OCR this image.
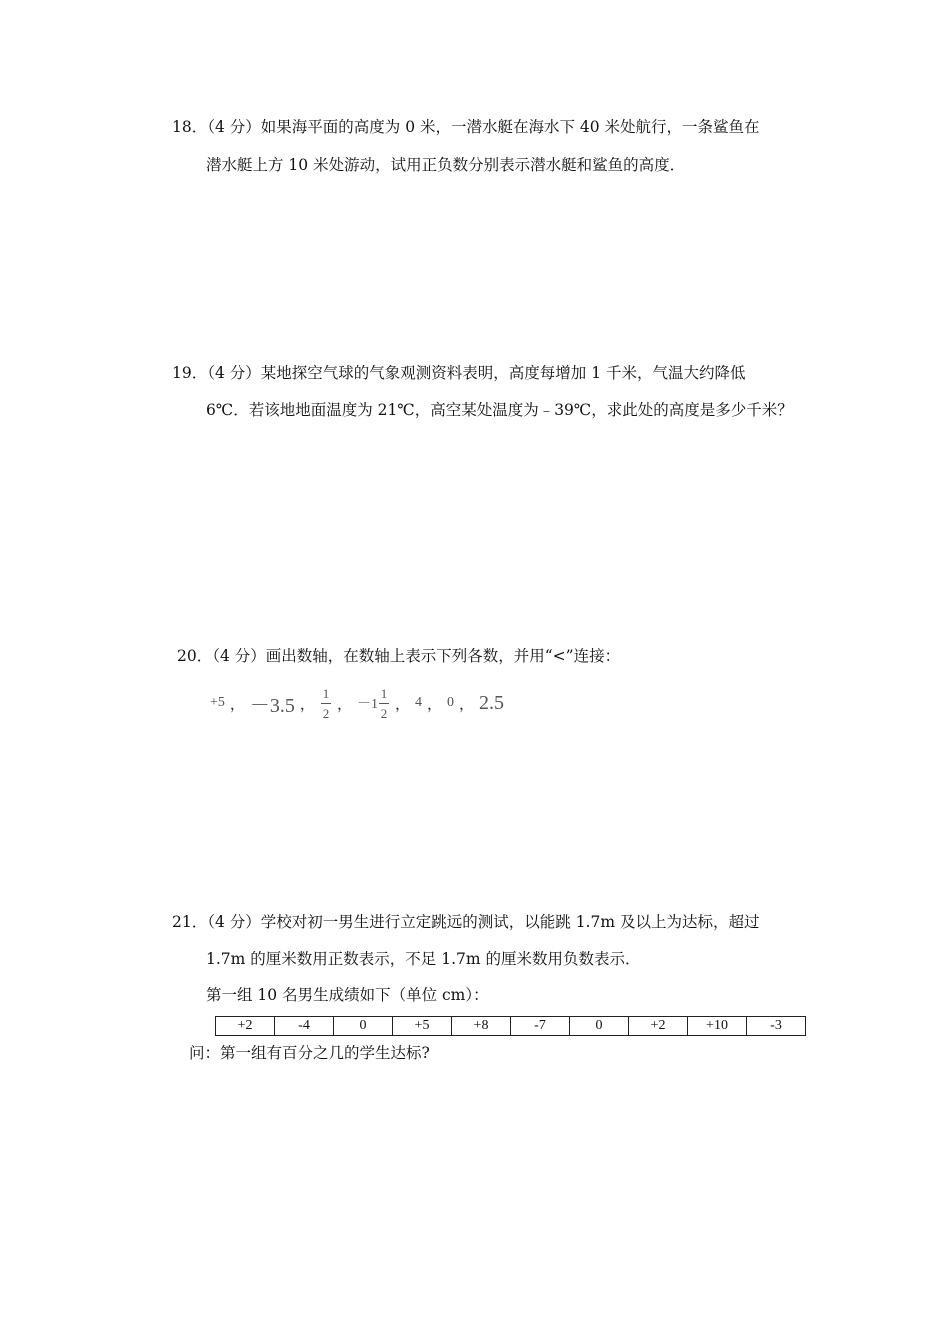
18．（4 分）如果海平面的高度为 0 米，一潜水艇在海水下 40 米处航行，一条鲨鱼在
潜水艇上方 10 米处游动，试用正负数分别表示潜水艇和鲨鱼的高度．
19．（4 分）某地探空气球的气象观测资料表明，高度每增加 1 千米，气温大约降低
6℃．若该地地面温度为 21℃，高空某处温度为﹣39℃，求此处的高度是多少千米？
20．（4 分）画出数轴，在数轴上表示下列各数，并用“<”连接：
+5 ， －3.5 ， $\frac{1}{2}$ ， $-1 \frac{1}{2}$ ， 4 ， 0 ， 2.5
21．（4 分）学校对初一男生进行立定跳远的测试，以能跳 1.7m 及以上为达标，超过
1.7m 的厘米数用正数表示，不足 1.7m 的厘米数用负数表示．
第一组 10 名男生成绩如下（单位 cm）：
+2	-4	0	+5	+8	-7	0	+2	+10	-3
问：第一组有百分之几的学生达标?
